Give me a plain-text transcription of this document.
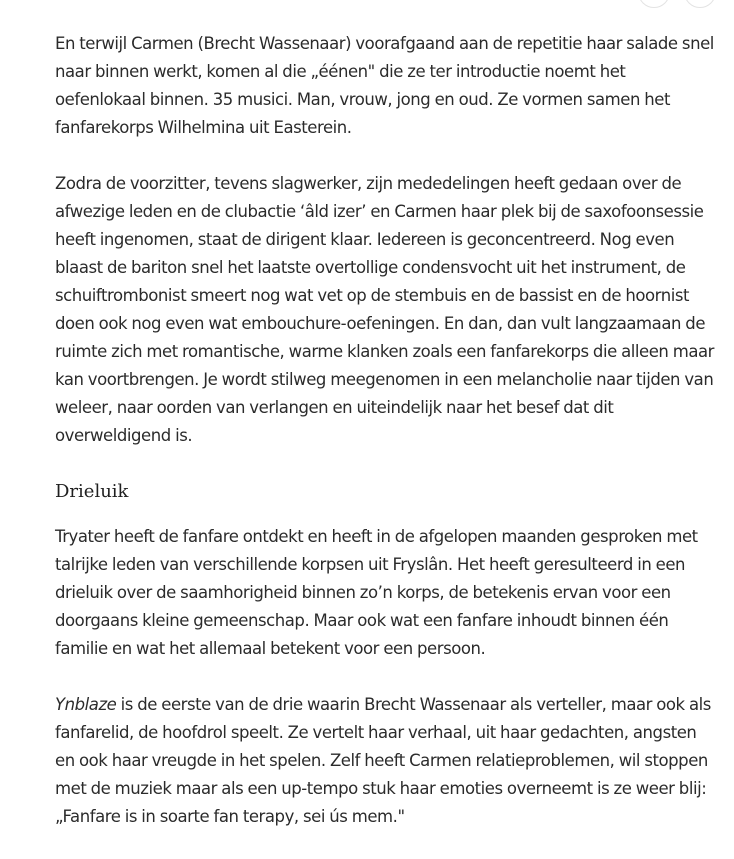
En terwijl Carmen (Brecht Wassenaar) voorafgaand aan de repetitie haar salade snel naar binnen werkt, komen al die „éénen" die ze ter introductie noemt het oefenlokaal binnen. 35 musici. Man, vrouw, jong en oud. Ze vormen samen het fanfarekorps Wilhelmina uit Easterein.

Zodra de voorzitter, tevens slagwerker, zijn mededelingen heeft gedaan over de afwezige leden en de clubactie ‘âld izer’ en Carmen haar plek bij de saxofoonsessie heeft ingenomen, staat de dirigent klaar. Iedereen is geconcentreerd. Nog even blaast de bariton snel het laatste overtollige condensvocht uit het instrument, de schuiftrombonist smeert nog wat vet op de stembuis en de bassist en de hoornist doen ook nog even wat embouchure-oefeningen. En dan, dan vult langzaamaan de ruimte zich met romantische, warme klanken zoals een fanfarekorps die alleen maar kan voortbrengen. Je wordt stilweg meegenomen in een melancholie naar tijden van weleer, naar oorden van verlangen en uiteindelijk naar het besef dat dit overweldigend is.

Drieluik

Tryater heeft de fanfare ontdekt en heeft in de afgelopen maanden gesproken met talrijke leden van verschillende korpsen uit Fryslân. Het heeft geresulteerd in een drieluik over de saamhorigheid binnen zo’n korps, de betekenis ervan voor een doorgaans kleine gemeenschap. Maar ook wat een fanfare inhoudt binnen één familie en wat het allemaal betekent voor een persoon.

Ynblaze is de eerste van de drie waarin Brecht Wassenaar als verteller, maar ook als fanfarelid, de hoofdrol speelt. Ze vertelt haar verhaal, uit haar gedachten, angsten en ook haar vreugde in het spelen. Zelf heeft Carmen relatieproblemen, wil stoppen met de muziek maar als een up-tempo stuk haar emoties overneemt is ze weer blij: „Fanfare is in soarte fan terapy, sei ús mem."
